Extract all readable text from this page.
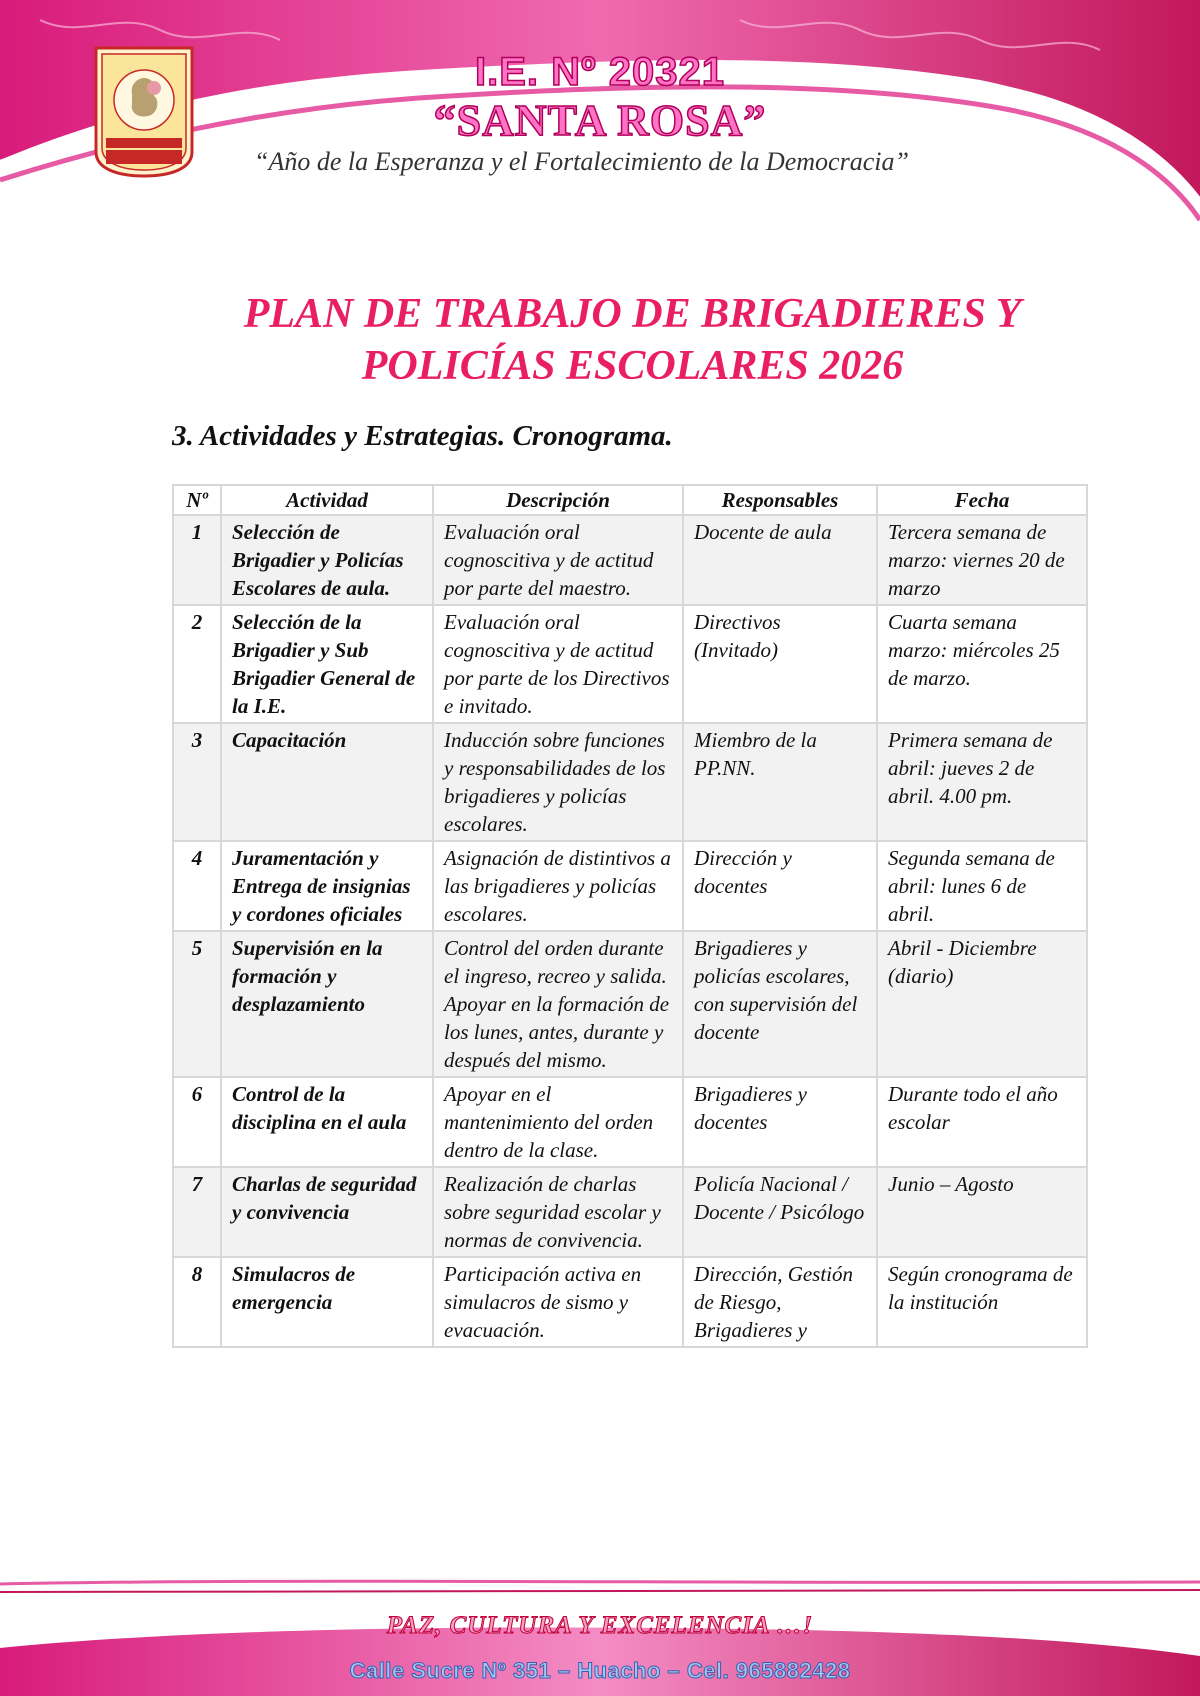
I.E. Nº 20321
“SANTA ROSA”
“Año de la Esperanza y el Fortalecimiento de la Democracia”
PLAN DE TRABAJO DE BRIGADIERES Y
POLICÍAS ESCOLARES 2026
3. Actividades y Estrategias. Cronograma.
Nº	Actividad	Descripción	Responsables	Fecha
1	Selección de Brigadier y Policías Escolares de aula.	Evaluación oral cognoscitiva y de actitud por parte del maestro.	Docente de aula	Tercera semana de marzo: viernes 20 de marzo
2	Selección de la Brigadier y Sub Brigadier General de la I.E.	Evaluación oral cognoscitiva y de actitud por parte de los Directivos e invitado.	Directivos (Invitado)	Cuarta semana marzo: miércoles 25 de marzo.
3	Capacitación	Inducción sobre funciones y responsabilidades de los brigadieres y policías escolares.	Miembro de la PP.NN.	Primera semana de abril: jueves 2 de abril. 4.00 pm.
4	Juramentación y Entrega de insignias y cordones oficiales	Asignación de distintivos a las brigadieres y policías escolares.	Dirección y docentes	Segunda semana de abril: lunes 6 de abril.
5	Supervisión en la formación y desplazamiento	Control del orden durante el ingreso, recreo y salida. Apoyar en la formación de los lunes, antes, durante y después del mismo.	Brigadieres y policías escolares, con supervisión del docente	Abril - Diciembre (diario)
6	Control de la disciplina en el aula	Apoyar en el mantenimiento del orden dentro de la clase.	Brigadieres y docentes	Durante todo el año escolar
7	Charlas de seguridad y convivencia	Realización de charlas sobre seguridad escolar y normas de convivencia.	Policía Nacional / Docente / Psicólogo	Junio – Agosto
8	Simulacros de emergencia	Participación activa en simulacros de sismo y evacuación.	Dirección, Gestión de Riesgo, Brigadieres y	Según cronograma de la institución
PAZ, CULTURA Y EXCELENCIA …!
Calle Sucre Nº 351 – Huacho – Cel. 965882428
